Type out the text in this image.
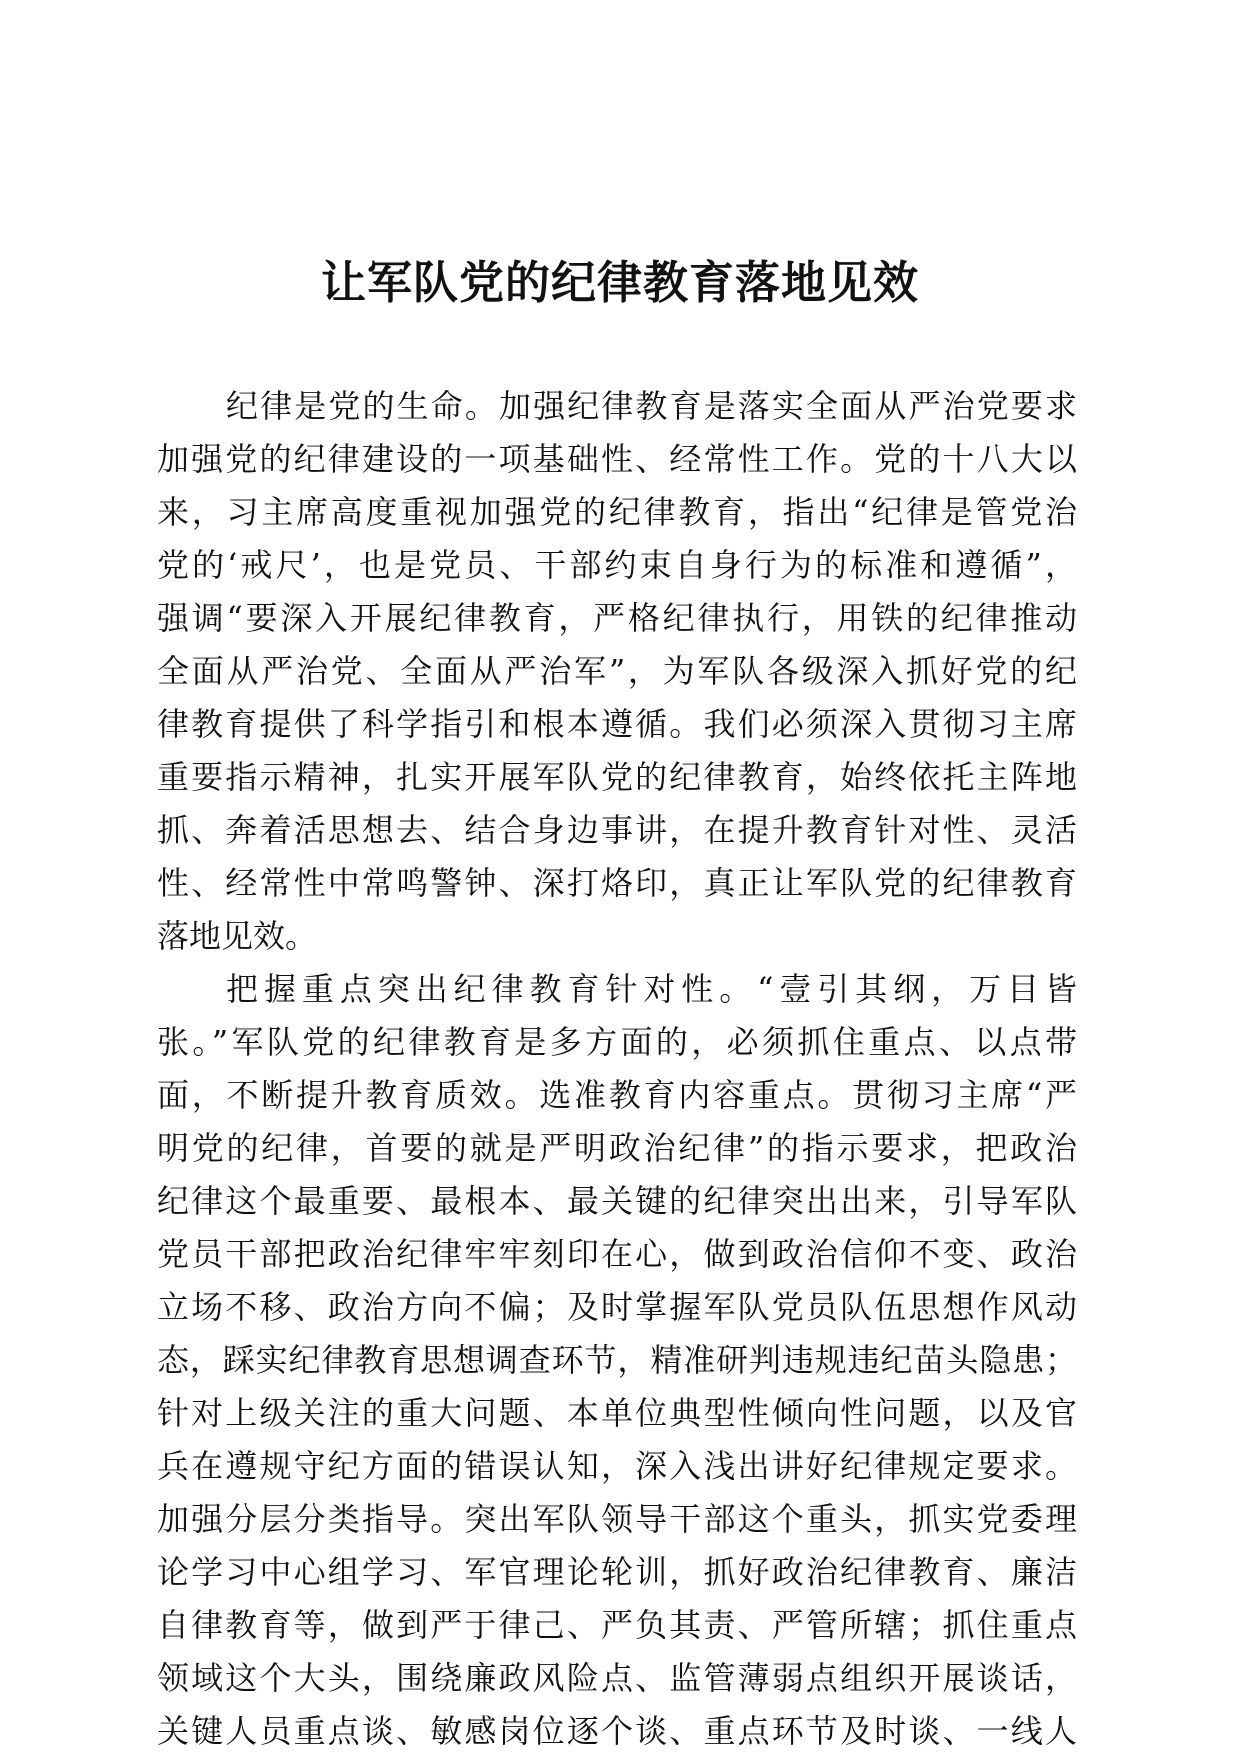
让军队党的纪律教育落地见效
纪律是党的生命。加强纪律教育是落实全面从严治党要求
加强党的纪律建设的一项基础性、经常性工作。党的十八大以
来，习主席高度重视加强党的纪律教育，指出“纪律是管党治
党的‘戒尺’，也是党员、干部约束自身行为的标准和遵循”，
强调“要深入开展纪律教育，严格纪律执行，用铁的纪律推动
全面从严治党、全面从严治军”，为军队各级深入抓好党的纪
律教育提供了科学指引和根本遵循。我们必须深入贯彻习主席
重要指示精神，扎实开展军队党的纪律教育，始终依托主阵地
抓、奔着活思想去、结合身边事讲，在提升教育针对性、灵活
性、经常性中常鸣警钟、深打烙印，真正让军队党的纪律教育
落地见效。
把握重点突出纪律教育针对性。“壹引其纲，万目皆
张。”军队党的纪律教育是多方面的，必须抓住重点、以点带
面，不断提升教育质效。选准教育内容重点。贯彻习主席“严
明党的纪律，首要的就是严明政治纪律”的指示要求，把政治
纪律这个最重要、最根本、最关键的纪律突出出来，引导军队
党员干部把政治纪律牢牢刻印在心，做到政治信仰不变、政治
立场不移、政治方向不偏；及时掌握军队党员队伍思想作风动
态，踩实纪律教育思想调查环节，精准研判违规违纪苗头隐患；
针对上级关注的重大问题、本单位典型性倾向性问题，以及官
兵在遵规守纪方面的错误认知，深入浅出讲好纪律规定要求。
加强分层分类指导。突出军队领导干部这个重头，抓实党委理
论学习中心组学习、军官理论轮训，抓好政治纪律教育、廉洁
自律教育等，做到严于律己、严负其责、严管所辖；抓住重点
领域这个大头，围绕廉政风险点、监管薄弱点组织开展谈话，
关键人员重点谈、敏感岗位逐个谈、重点环节及时谈、一线人
